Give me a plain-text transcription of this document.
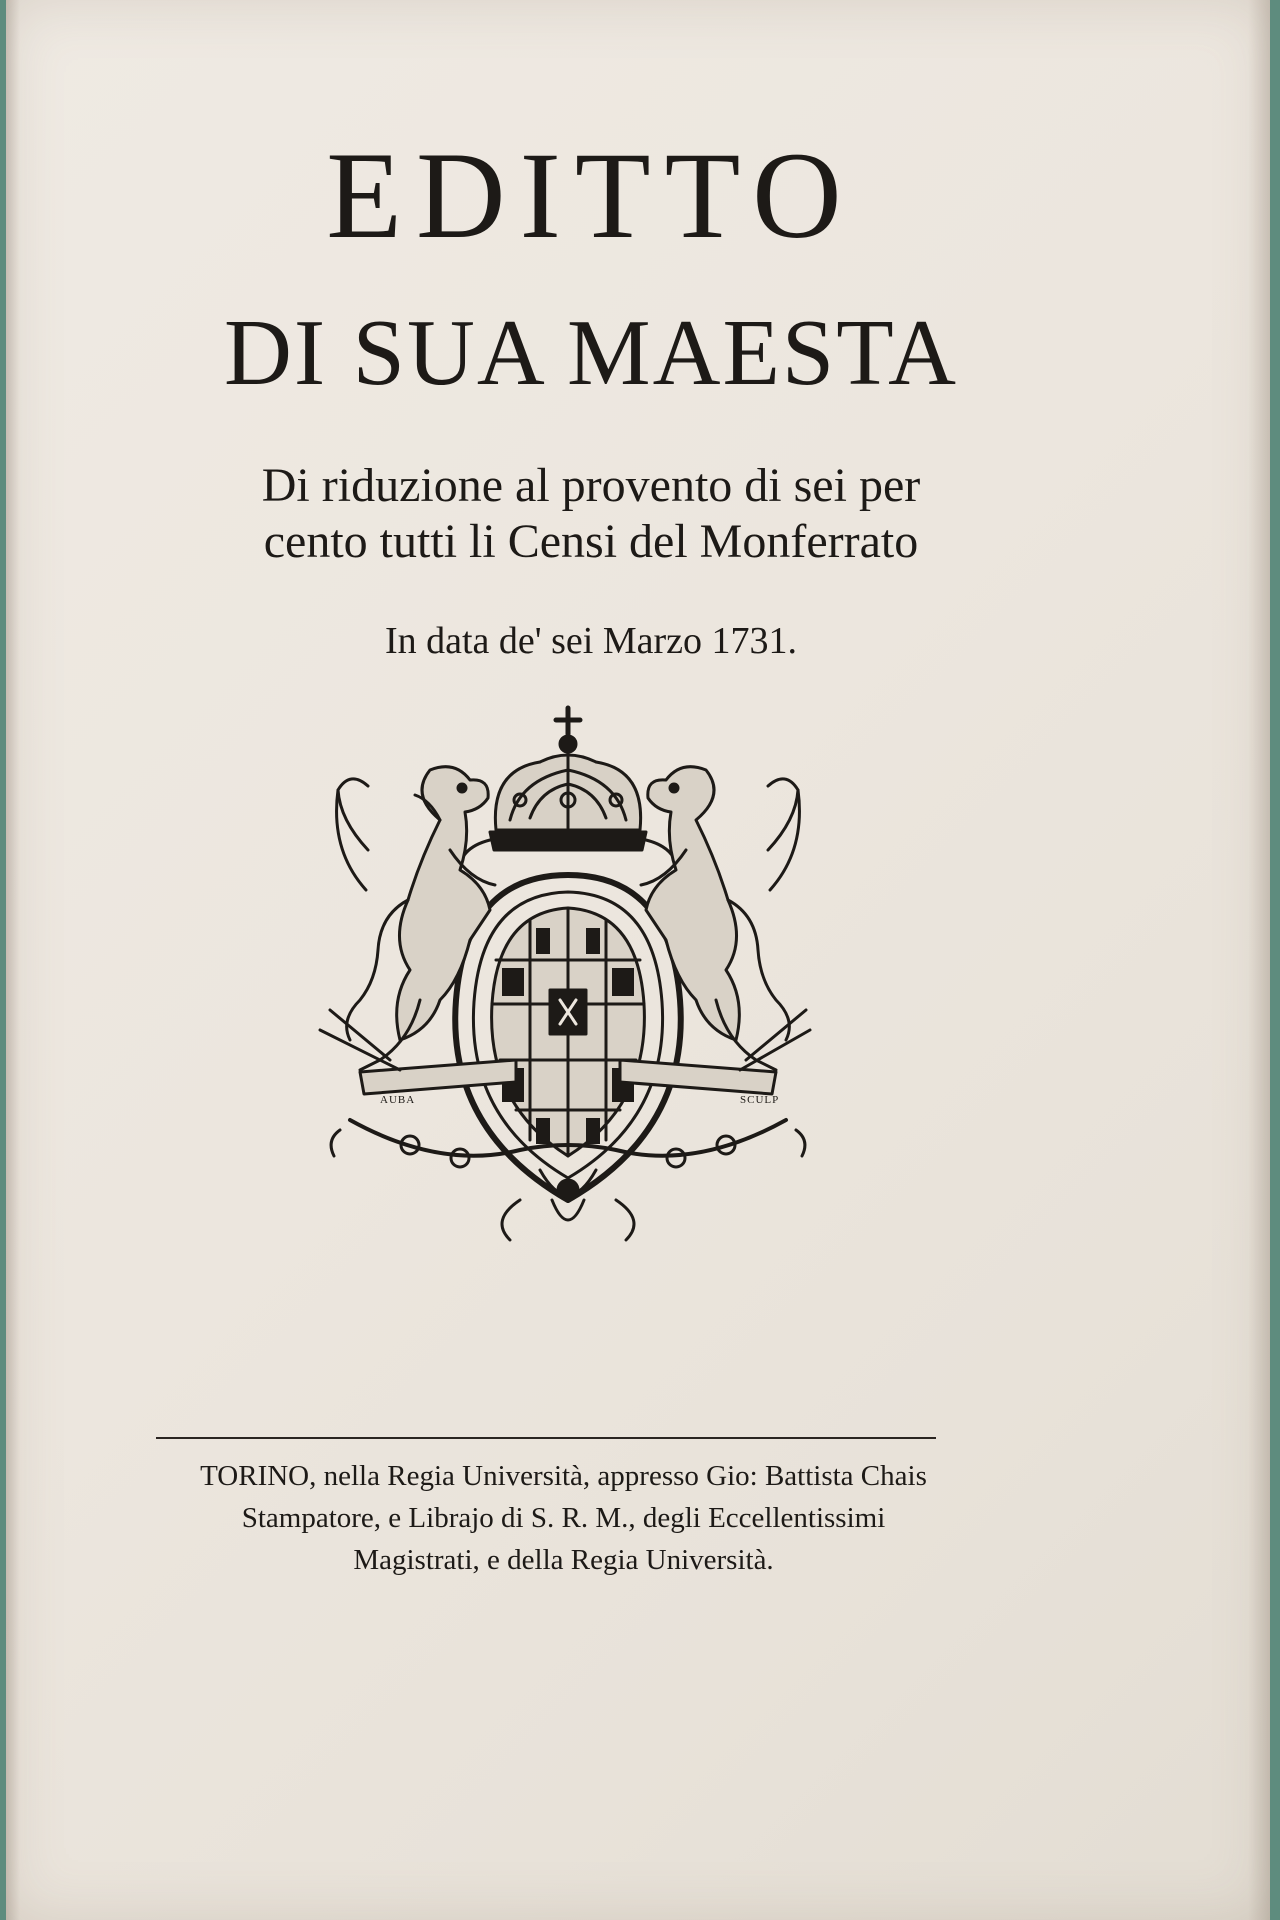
EDITTO
DI SUA MAESTA
Di riduzione al provento di sei per
cento tutti li Censi del Monferrato
In data de' sei Marzo 1731.
AUBA	SCULP
TORINO, nella Regia Università, appresso Gio: Battista Chais
Stampatore, e Librajo di S. R. M., degli Eccellentissimi
Magistrati, e della Regia Università.
